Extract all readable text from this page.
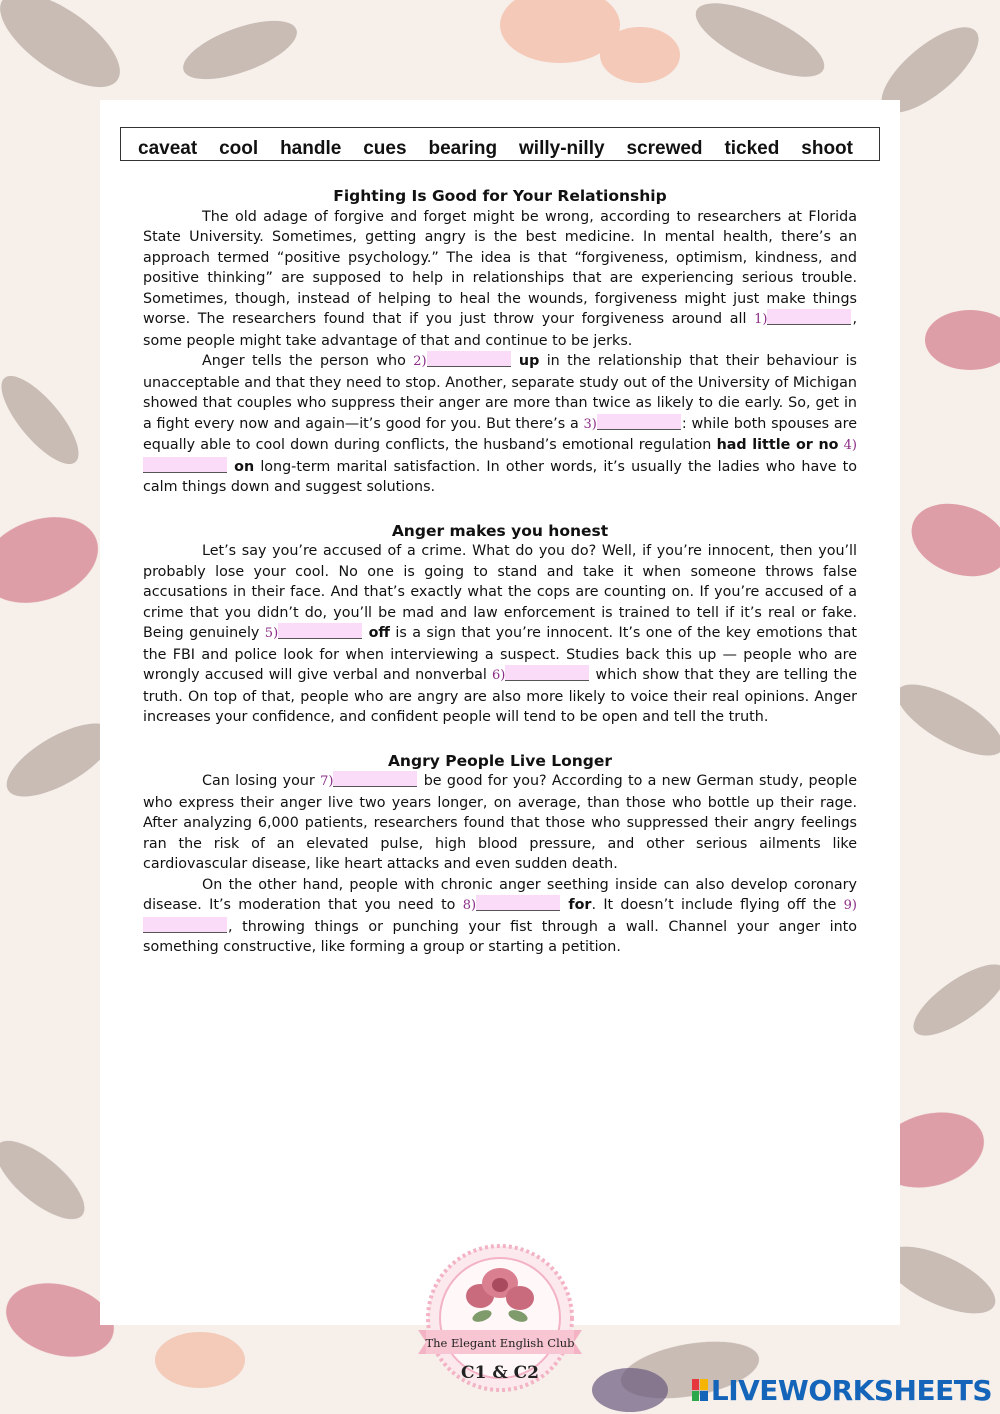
caveat cool handle cues bearing willy-nilly screwed ticked shoot
Fighting Is Good for Your Relationship

The old adage of forgive and forget might be wrong, according to researchers at Florida State University. Sometimes, getting angry is the best medicine. In mental health, there’s an approach termed “positive psychology.” The idea is that “forgiveness, optimism, kindness, and positive thinking” are supposed to help in relationships that are experiencing serious trouble. Sometimes, though, instead of helping to heal the wounds, forgiveness might just make things worse. The researchers found that if you just throw your forgiveness around all 1)	, some people might take advantage of that and continue to be jerks.

Anger tells the person who 2)	up in the relationship that their behaviour is unacceptable and that they need to stop. Another, separate study out of the University of Michigan showed that couples who suppress their anger are more than twice as likely to die early. So, get in a fight every now and again—it’s good for you. But there’s a 3)	: while both spouses are equally able to cool down during conflicts, the husband’s emotional regulation had little or no 4) on long-term marital satisfaction. In other words, it’s usually the ladies who have to calm things down and suggest solutions.

Anger makes you honest

Let’s say you’re accused of a crime. What do you do? Well, if you’re innocent, then you’ll probably lose your cool. No one is going to stand and take it when someone throws false accusations in their face. And that’s exactly what the cops are counting on. If you’re accused of a crime that you didn’t do, you’ll be mad and law enforcement is trained to tell if it’s real or fake. Being genuinely 5)	off is a sign that you’re innocent. It’s one of the key emotions that the FBI and police look for when interviewing a suspect. Studies back this up — people who are wrongly accused will give verbal and nonverbal 6)	which show that they are telling the truth. On top of that, people who are angry are also more likely to voice their real opinions. Anger increases your confidence, and confident people will tend to be open and tell the truth.

Angry People Live Longer

Can losing your 7)	be good for you? According to a new German study, people who express their anger live two years longer, on average, than those who bottle up their rage. After analyzing 6,000 patients, researchers found that those who suppressed their angry feelings ran the risk of an elevated pulse, high blood pressure, and other serious ailments like cardiovascular disease, like heart attacks and even sudden death.

On the other hand, people with chronic anger seething inside can also develop coronary disease. It’s moderation that you need to 8)	for. It doesn’t include flying off the 9), throwing things or punching your fist through a wall. Channel your anger into something constructive, like forming a group or starting a petition.

The Elegant English Club
C1 & C2
LIVEWORKSHEETS
